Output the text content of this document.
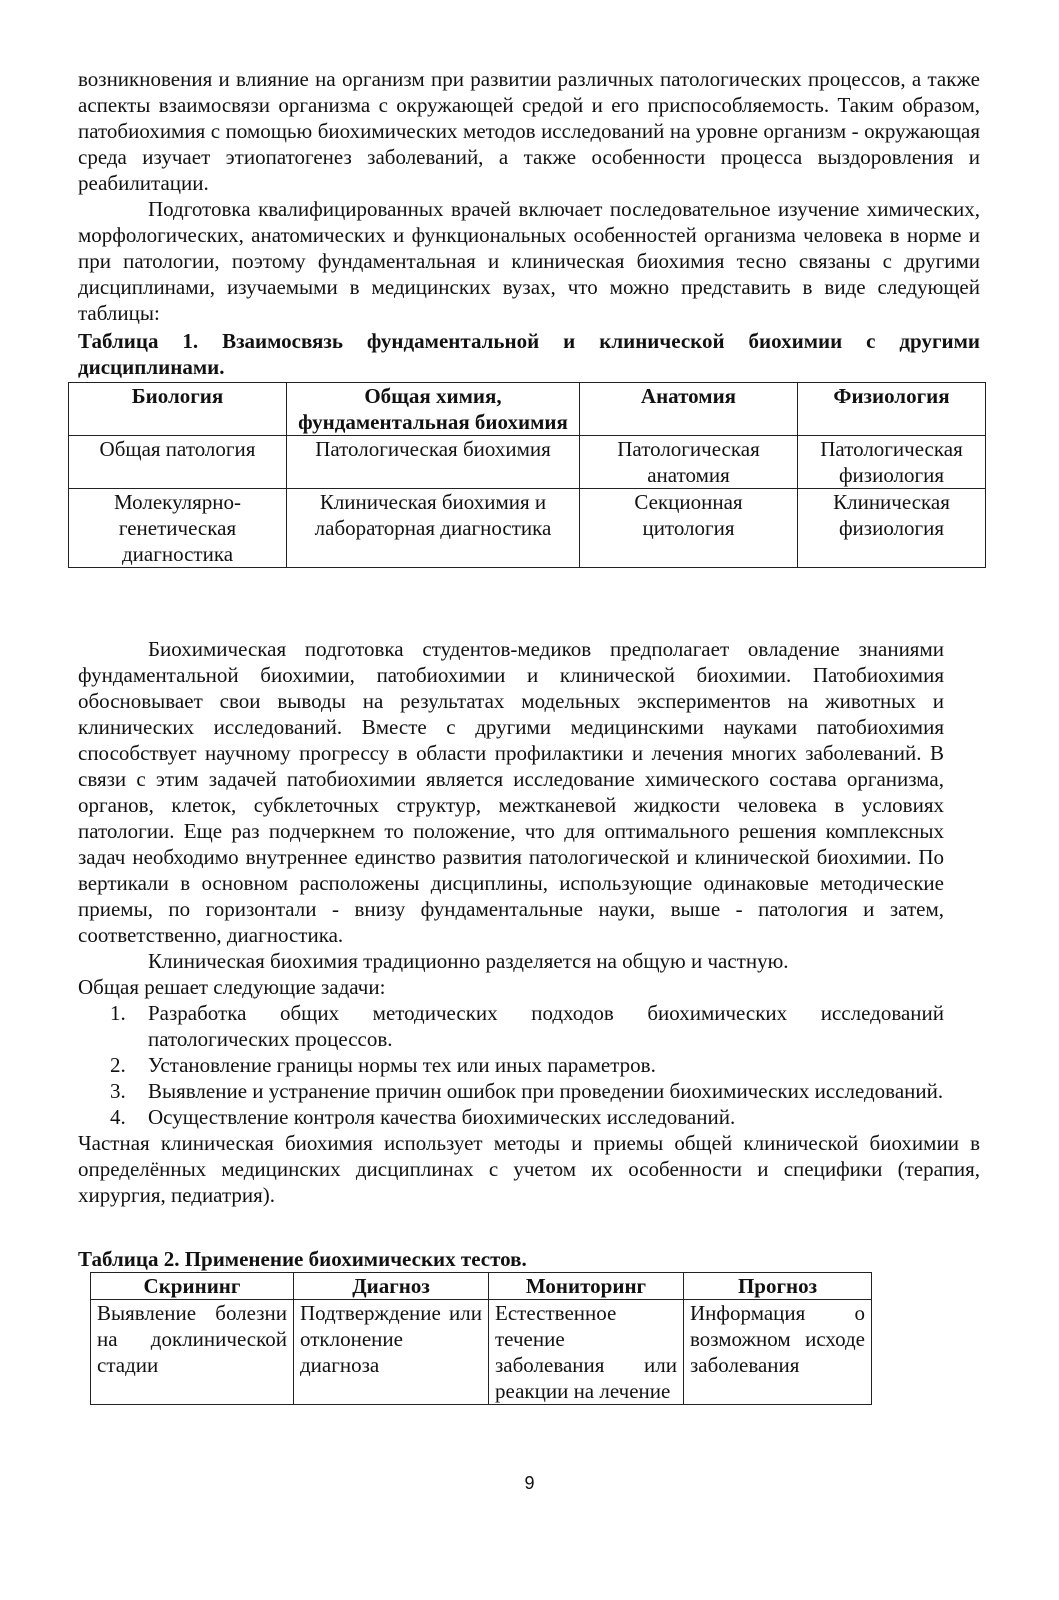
возникновения и влияние на организм при развитии различных патологических процессов, а также аспекты взаимосвязи организма с окружающей средой и его приспособляемость. Таким образом, патобиохимия с помощью биохимических методов исследований на уровне организм - окружающая среда изучает этиопатогенез заболеваний, а также особенности процесса выздоровления и реабилитации.

Подготовка квалифицированных врачей включает последовательное изучение химических, морфологических, анатомических и функциональных особенностей организма человека в норме и при патологии, поэтому фундаментальная и клиническая биохимия тесно связаны с другими дисциплинами, изучаемыми в медицинских вузах, что можно представить в виде следующей таблицы:

Таблица 1. Взаимосвязь фундаментальной и клинической биохимии с другими дисциплинами.

Биология	Общая химия, фундаментальная биохимия	Анатомия	Физиология
Общая патология	Патологическая биохимия	Патологическая анатомия	Патологическая физиология
Молекулярно-генетическая диагностика	Клиническая биохимия и лабораторная диагностика	Секционная цитология	Клиническая физиология

Биохимическая подготовка студентов-медиков предполагает овладение знаниями фундаментальной биохимии, патобиохимии и клинической биохимии. Патобиохимия обосновывает свои выводы на результатах модельных экспериментов на животных и клинических исследований. Вместе с другими медицинскими науками патобиохимия способствует научному прогрессу в области профилактики и лечения многих заболеваний. В связи с этим задачей патобиохимии является исследование химического состава организма, органов, клеток, субклеточных структур, межтканевой жидкости человека в условиях патологии. Еще раз подчеркнем то положение, что для оптимального решения комплексных задач необходимо внутреннее единство развития патологической и клинической биохимии. По вертикали в основном расположены дисциплины, использующие одинаковые методические приемы, по горизонтали - внизу фундаментальные науки, выше - патология и затем, соответственно, диагностика.

Клиническая биохимия традиционно разделяется на общую и частную.

Общая решает следующие задачи:

1. Разработка общих методических подходов биохимических исследований патологических процессов.
2. Установление границы нормы тех или иных параметров.
3. Выявление и устранение причин ошибок при проведении биохимических исследований.
4. Осуществление контроля качества биохимических исследований.

Частная клиническая биохимия использует методы и приемы общей клинической биохимии в определённых медицинских дисциплинах с учетом их особенности и специфики (терапия, хирургия, педиатрия).

Таблица 2. Применение биохимических тестов.

Скрининг	Диагноз	Мониторинг	Прогноз
Выявление болезни на доклинической стадии	Подтверждение или отклонение диагноза	Естественное течение заболевания или реакции на лечение	Информация о возможном исходе заболевания
9
